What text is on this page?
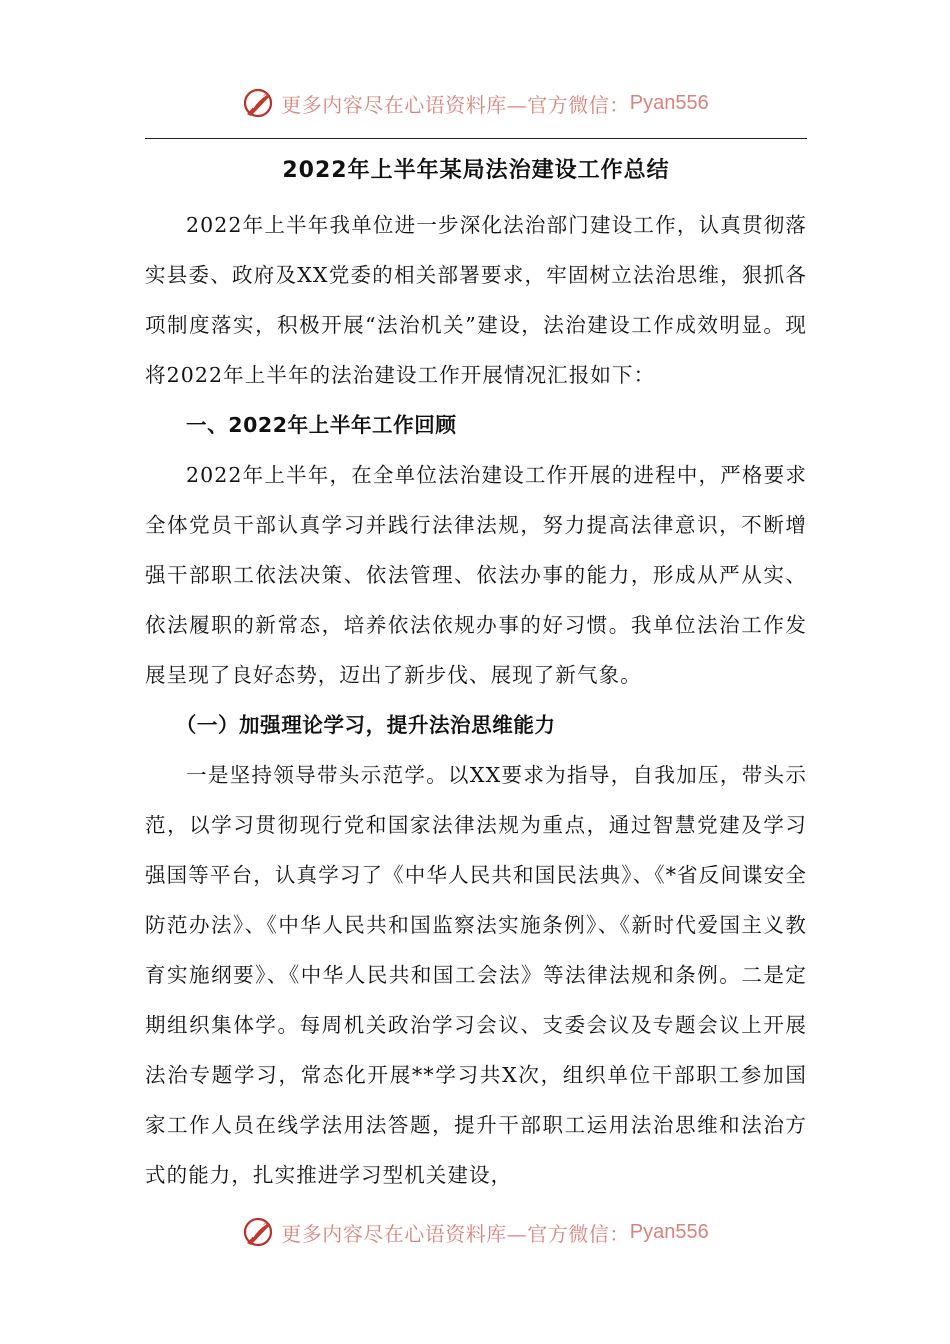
更多内容尽在心语资料库—官方微信： Pyan556
2022年上半年某局法治建设工作总结

2022年上半年我单位进一步深化法治部门建设工作，认真贯彻落实县委、政府及XX党委的相关部署要求，牢固树立法治思维，狠抓各项制度落实，积极开展“法治机关”建设，法治建设工作成效明显。现将2022年上半年的法治建设工作开展情况汇报如下：

一、2022年上半年工作回顾

2022年上半年，在全单位法治建设工作开展的进程中，严格要求全体党员干部认真学习并践行法律法规，努力提高法律意识，不断增强干部职工依法决策、依法管理、依法办事的能力，形成从严从实、依法履职的新常态，培养依法依规办事的好习惯。我单位法治工作发展呈现了良好态势，迈出了新步伐、展现了新气象。

（一）加强理论学习，提升法治思维能力

一是坚持领导带头示范学。以XX要求为指导，自我加压，带头示范，以学习贯彻现行党和国家法律法规为重点，通过智慧党建及学习强国等平台，认真学习了《中华人民共和国民法典》、《*省反间谍安全防范办法》、《中华人民共和国监察法实施条例》、《新时代爱国主义教育实施纲要》、《中华人民共和国工会法》等法律法规和条例。二是定期组织集体学。每周机关政治学习会议、支委会议及专题会议上开展法治专题学习，常态化开展**学习共X次，组织单位干部职工参加国家工作人员在线学法用法答题，提升干部职工运用法治思维和法治方式的能力，扎实推进学习型机关建设，

更多内容尽在心语资料库—官方微信： Pyan556
